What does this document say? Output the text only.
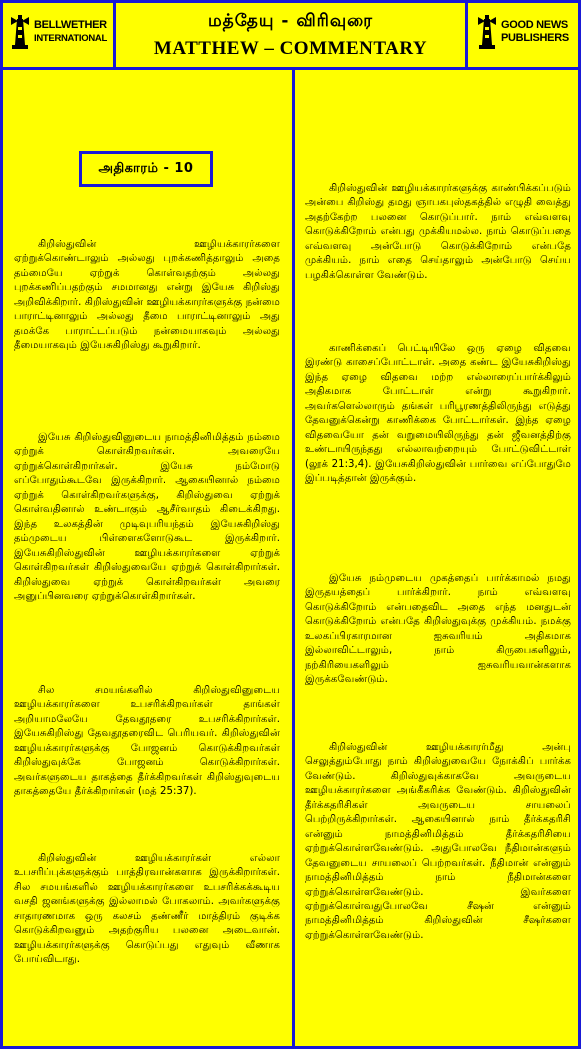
BELLWETHER
INTERNATIONAL
மத்தேயு - விரிவுரை
MATTHEW – COMMENTARY
GOOD NEWS
PUBLISHERS
அதிகாரம் - 10
கிறிஸ்துவின் ஊழியக்காரர்களை ஏற்றுக்கொண்டாலும் அல்லது புறக்கணித்தாலும் அதை தம்மையே ஏற்றுக் கொள்வதற்கும் அல்லது புறக்கணிப்பதற்கும் சமமானது என்று இயேசு கிறிஸ்து அறிவிக்கிறார். கிறிஸ்துவின் ஊழியக்காரர்களுக்கு நன்மை பாராட்டினாலும் அல்லது தீமை பாராட்டினாலும் அது தமக்கே பாராட்டப்படும் நன்மையாகவும் அல்லது தீமையாகவும் இயேசுகிறிஸ்து கூறுகிறார்.
இயேசு கிறிஸ்துவினுடைய நாமத்தினிமித்தம் நம்மை ஏற்றுக் கொள்கிறவர்கள். அவரையே ஏற்றுக்கொள்கிறார்கள். இயேசு நம்மோடு எப்போதும்கூடவே இருக்கிறார். ஆகையினால் நம்மை ஏற்றுக் கொள்கிறவர்களுக்கு, கிறிஸ்துவை ஏற்றுக் கொள்வதினால் உண்டாகும் ஆசீர்வாதம் கிடைக்கிறது. இந்த உலகத்தின் முடிவுபரியந்தம் இயேசுகிறிஸ்து தம்முடைய பிள்ளைகளோடுகூட இருக்கிறார். இயேசுகிறிஸ்துவின் ஊழியக்காரர்களை ஏற்றுக் கொள்கிறவர்கள் கிறிஸ்துவையே ஏற்றுக் கொள்கிறார்கள். கிறிஸ்துவை ஏற்றுக் கொள்கிறவர்கள் அவரை அனுப்பினவரை ஏற்றுக்கொள்கிறார்கள்.
சில சமயங்களில் கிறிஸ்துவினுடைய ஊழியக்காரர்களை உபசரிக்கிறவர்கள் தாங்கள் அறியாமலேயே தேவதூதரை உபசரிக்கிறார்கள். இயேசுகிறிஸ்து தேவதூதரைவிட பெரியவர். கிறிஸ்துவின் ஊழியக்காரர்களுக்கு போஜனம் கொடுக்கிறவர்கள் கிறிஸ்துவுக்கே போஜனம் கொடுக்கிறார்கள். அவர்களுடைய தாகத்தை தீர்க்கிறவர்கள் கிறிஸ்துவுடைய தாகத்தையே தீர்க்கிறார்கள் (மத் 25:37).
கிறிஸ்துவின் ஊழியக்காரர்கள் எல்லா உபசரிப்புக்களுக்கும் பாத்திரவான்களாக இருக்கிறார்கள். சில சமயங்களில் ஊழியக்காரர்களை உபசரிக்கக்கூடிய வசதி ஜனங்களுக்கு இல்லாமல் போகலாம். அவர்களுக்கு சாதாரணமாக ஒரு கலசம் தண்ணீர் மாத்திரம் குடிக்க கொடுக்கிறவனும் அதற்குரிய பலனை அடைவான். ஊழியக்காரர்களுக்கு கொடுப்பது எதுவும் வீணாக போய்விடாது.
கிறிஸ்துவின் ஊழியக்காரர்களுக்கு காண்பிக்கப்படும் அன்பை கிறிஸ்து தமது ஞாபகபுஸ்தகத்தில் எழுதி வைத்து அதற்கேற்ற பலனை கொடுப்பார். நாம் எவ்வளவு கொடுக்கிறோம் என்பது முக்கியமல்ல. நாம் கொடுப்பதை எவ்வளவு அன்போடு கொடுக்கிறோம் என்பதே முக்கியம். நாம் எதை செய்தாலும் அன்போடு செய்ய பழகிக்கொள்ள வேண்டும்.
காணிக்கைப் பெட்டியிலே ஒரு ஏழை விதவை இரண்டு காசைப்போட்டாள். அதை கண்ட இயேசுகிறிஸ்து இந்த ஏழை விதவை மற்ற எல்லாரைப்பார்க்கிலும் அதிகமாக போட்டாள் என்று கூறுகிறார். அவர்களெல்லாரும் தங்கள் பரிபூரணத்திலிருந்து எடுத்து தேவனுக்கென்று காணிக்கை போட்டார்கள். இந்த ஏழை விதவையோ தன் வறுமையிலிருந்து தன் ஜீவனத்திற்கு உண்டாயிருந்தது எல்லாவற்றையும் போட்டுவிட்டாள் (லூக் 21:3,4). இயேசுகிறிஸ்துவின் பார்வை எப்போதுமே இப்படித்தான் இருக்கும்.
இயேசு நம்முடைய முகத்தைப் பார்க்காமல் நமது இருதயத்தைப் பார்க்கிறார். நாம் எவ்வளவு கொடுக்கிறோம் என்பதைவிட அதை எந்த மனதுடன் கொடுக்கிறோம் என்பதே கிறிஸ்துவுக்கு முக்கியம். நமக்கு உலகப்பிரகாரமான ஐசுவரியம் அதிகமாக இல்லாவிட்டாலும், நாம் கிருபைகளிலும், நற்கிரியைகளிலும் ஐசுவரியவான்களாக இருக்கவேண்டும்.
கிறிஸ்துவின் ஊழியக்காரர்மீது அன்பு செலுத்தும்போது நாம் கிறிஸ்துவையே நோக்கிப் பார்க்க வேண்டும். கிறிஸ்துவுக்காகவே அவருடைய ஊழியக்காரர்களை அங்கீகரிக்க வேண்டும். கிறிஸ்துவின் தீர்க்கதரிசிகள் அவருடைய சாயலைப் பெற்றிருக்கிறார்கள். ஆகையினால் நாம் தீர்க்கதரிசி என்னும் நாமத்தினிமித்தம் தீர்க்கதரிசியை ஏற்றுக்கொள்ளவேண்டும். அதுபோலவே நீதிமான்களும் தேவனுடைய சாயலைப் பெற்றவர்கள். நீதிமான் என்னும் நாமத்தினிமித்தம் நாம் நீதிமான்களை ஏற்றுக்கொள்ளவேண்டும். இவர்களை ஏற்றுக்கொள்வதுபோலவே சீஷன் என்னும் நாமத்தினிமித்தம் கிறிஸ்துவின் சீஷர்களை ஏற்றுக்கொள்ளவேண்டும்.
